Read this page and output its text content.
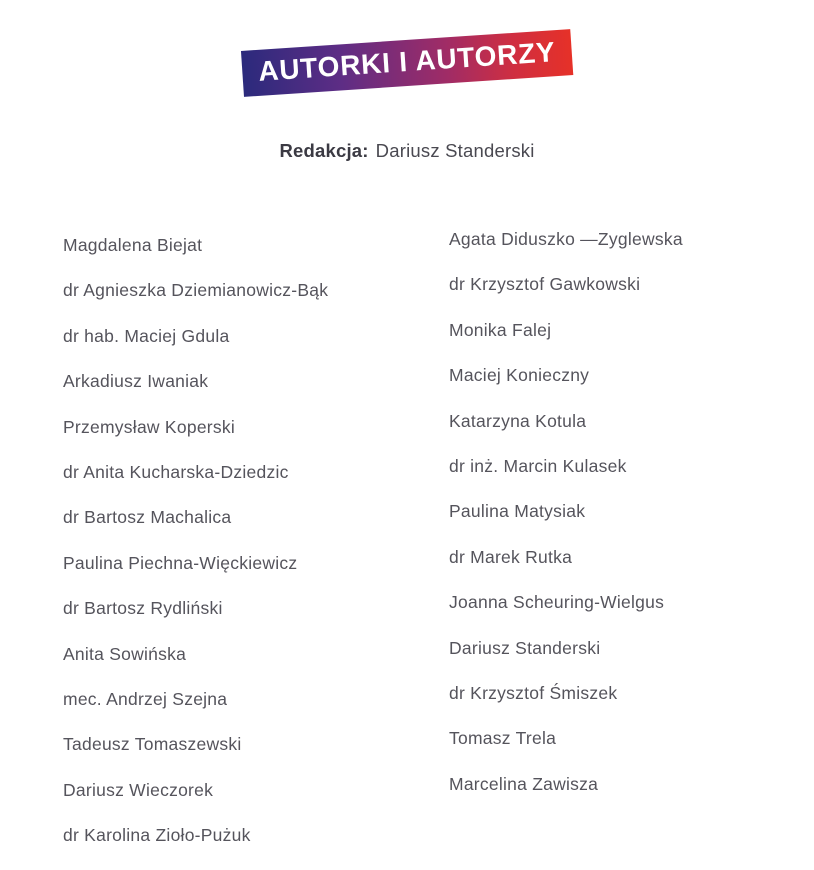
AUTORKI I AUTORZY

Redakcja: Dariusz Standerski

Magdalena Biejat
dr Agnieszka Dziemianowicz-Bąk
dr hab. Maciej Gdula
Arkadiusz Iwaniak
Przemysław Koperski
dr Anita Kucharska-Dziedzic
dr Bartosz Machalica
Paulina Piechna-Więckiewicz
dr Bartosz Rydliński
Anita Sowińska
mec. Andrzej Szejna
Tadeusz Tomaszewski
Dariusz Wieczorek
dr Karolina Zioło-Pużuk
Agata Diduszko —Zyglewska
dr Krzysztof Gawkowski
Monika Falej
Maciej Konieczny
Katarzyna Kotula
dr inż. Marcin Kulasek
Paulina Matysiak
dr Marek Rutka
Joanna Scheuring-Wielgus
Dariusz Standerski
dr Krzysztof Śmiszek
Tomasz Trela
Marcelina Zawisza
